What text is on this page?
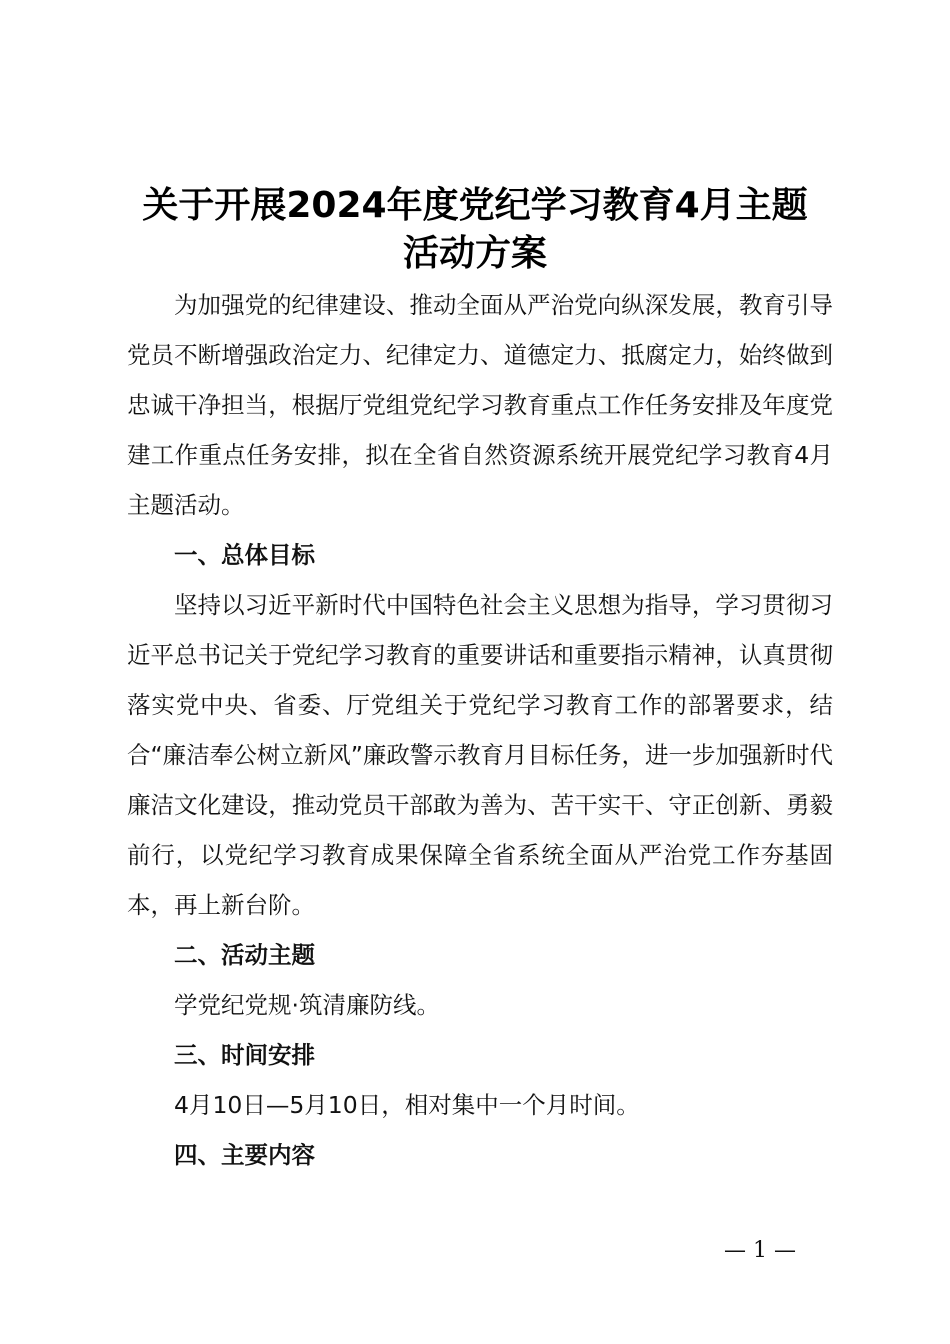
关于开展2024年度党纪学习教育4月主题
活动方案

为加强党的纪律建设、推动全面从严治党向纵深发展，教育引导党员不断增强政治定力、纪律定力、道德定力、抵腐定力，始终做到忠诚干净担当，根据厅党组党纪学习教育重点工作任务安排及年度党建工作重点任务安排，拟在全省自然资源系统开展党纪学习教育4月主题活动。

一、总体目标

坚持以习近平新时代中国特色社会主义思想为指导，学习贯彻习近平总书记关于党纪学习教育的重要讲话和重要指示精神，认真贯彻落实党中央、省委、厅党组关于党纪学习教育工作的部署要求，结合“廉洁奉公树立新风”廉政警示教育月目标任务，进一步加强新时代廉洁文化建设，推动党员干部敢为善为、苦干实干、守正创新、勇毅前行，以党纪学习教育成果保障全省系统全面从严治党工作夯基固本，再上新台阶。

二、活动主题

学党纪党规·筑清廉防线。

三、时间安排

4月10日—5月10日，相对集中一个月时间。

四、主要内容

— 1 —
